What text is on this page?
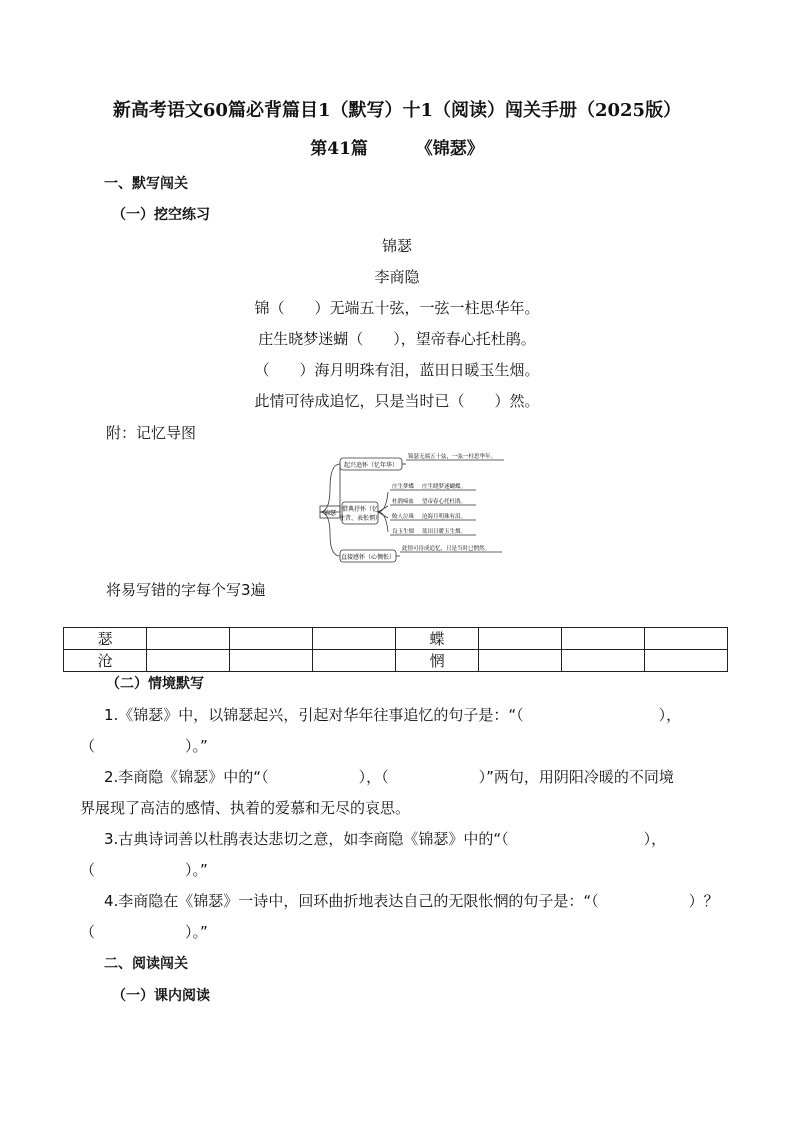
新高考语文60篇必背篇目1（默写）十1（阅读）闯关手册（2025版）
第41篇	《锦瑟》
一、默写闯关
（一）挖空练习
锦瑟
李商隐
锦（　　）无端五十弦，一弦一柱思华年。
庄生晓梦迷蝴（　　），望帝春心托杜鹃。
（　　）海月明珠有泪，蓝田日暖玉生烟。
此情可待成追忆，只是当时已（　　）然。
附：记忆导图
锦瑟
起兴追怀（忆年华）
借典抒怀（忆
往昔、表怅惘）
直接感怀（心惆怅）
锦瑟无端五十弦，一弦一柱思华年。
庄生梦蝶 庄生晓梦迷蝴蝶。
杜鹃啼血 望帝春心托杜鹃。
鲛人泣珠 沧海月明珠有泪。
良玉生烟 蓝田日暖玉生烟。
此情可待成追忆，只是当时已惘然。
将易写错的字每个写3遍
瑟				蝶			
沧				惘			
（二）情境默写
1.《锦瑟》中，以锦瑟起兴，引起对华年往事追忆的句子是：“（　　　　　　　　　），
（　　　　　　）。”
2.李商隐《锦瑟》中的“（　　　　　　），（　　　　　　）”两句，用阴阳冷暖的不同境
界展现了高洁的感情、执着的爱慕和无尽的哀思。
3.古典诗词善以杜鹃表达悲切之意，如李商隐《锦瑟》中的“（　　　　　　　　　），
（　　　　　　）。”
4.李商隐在《锦瑟》一诗中，回环曲折地表达自己的无限怅惘的句子是：“（　　　　　　）？
（　　　　　　）。”
二、阅读闯关
（一）课内阅读
